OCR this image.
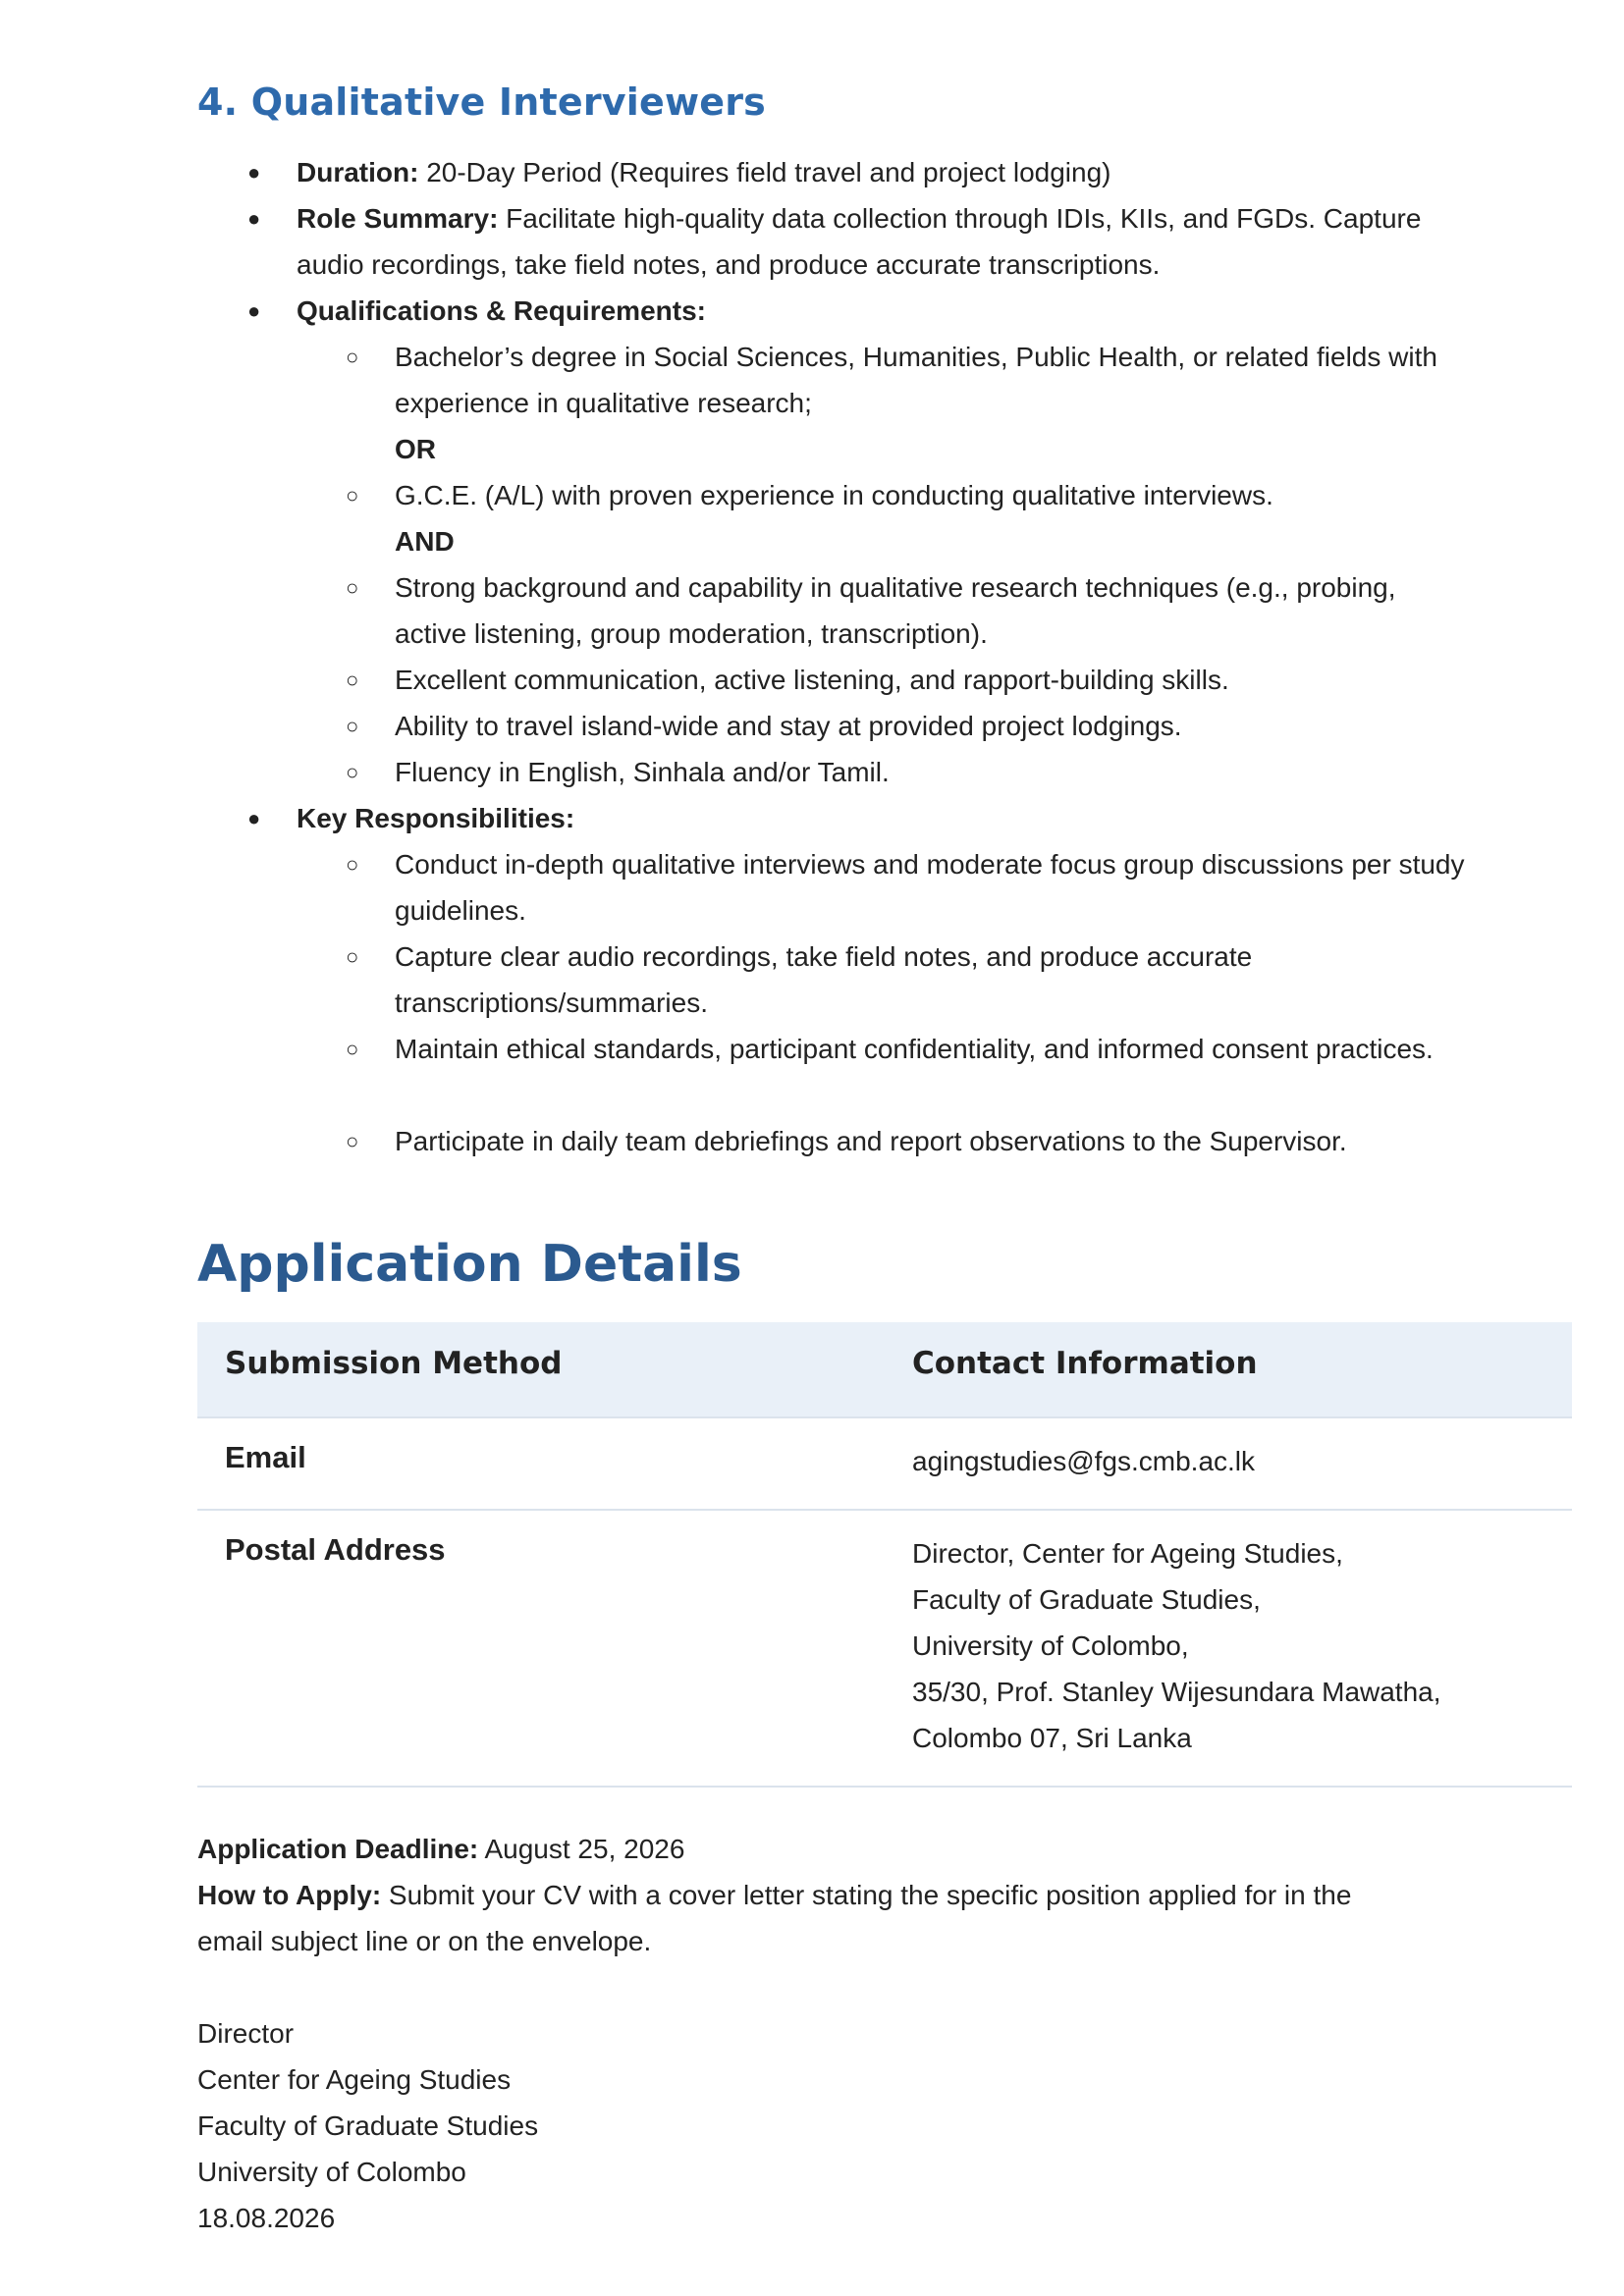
4. Qualitative Interviewers
● Duration: 20-Day Period (Requires field travel and project lodging)
● Role Summary: Facilitate high-quality data collection through IDIs, KIIs, and FGDs. Capture audio recordings, take field notes, and produce accurate transcriptions.
● Qualifications & Requirements:
○ Bachelor’s degree in Social Sciences, Humanities, Public Health, or related fields with experience in qualitative research;
OR
○ G.C.E. (A/L) with proven experience in conducting qualitative interviews.
AND
○ Strong background and capability in qualitative research techniques (e.g., probing, active listening, group moderation, transcription).
○ Excellent communication, active listening, and rapport-building skills.
○ Ability to travel island-wide and stay at provided project lodgings.
○ Fluency in English, Sinhala and/or Tamil.
● Key Responsibilities:
○ Conduct in-depth qualitative interviews and moderate focus group discussions per study guidelines.
○ Capture clear audio recordings, take field notes, and produce accurate transcriptions/summaries.
○ Maintain ethical standards, participant confidentiality, and informed consent practices.
○ Participate in daily team debriefings and report observations to the Supervisor.
Application Details
Submission Method	Contact Information
Email	agingstudies@fgs.cmb.ac.lk
Postal Address	Director, Center for Ageing Studies,
Faculty of Graduate Studies,
University of Colombo,
35/30, Prof. Stanley Wijesundara Mawatha,
Colombo 07, Sri Lanka
Application Deadline: August 25, 2026
How to Apply: Submit your CV with a cover letter stating the specific position applied for in the email subject line or on the envelope.
Director
Center for Ageing Studies
Faculty of Graduate Studies
University of Colombo
18.08.2026
